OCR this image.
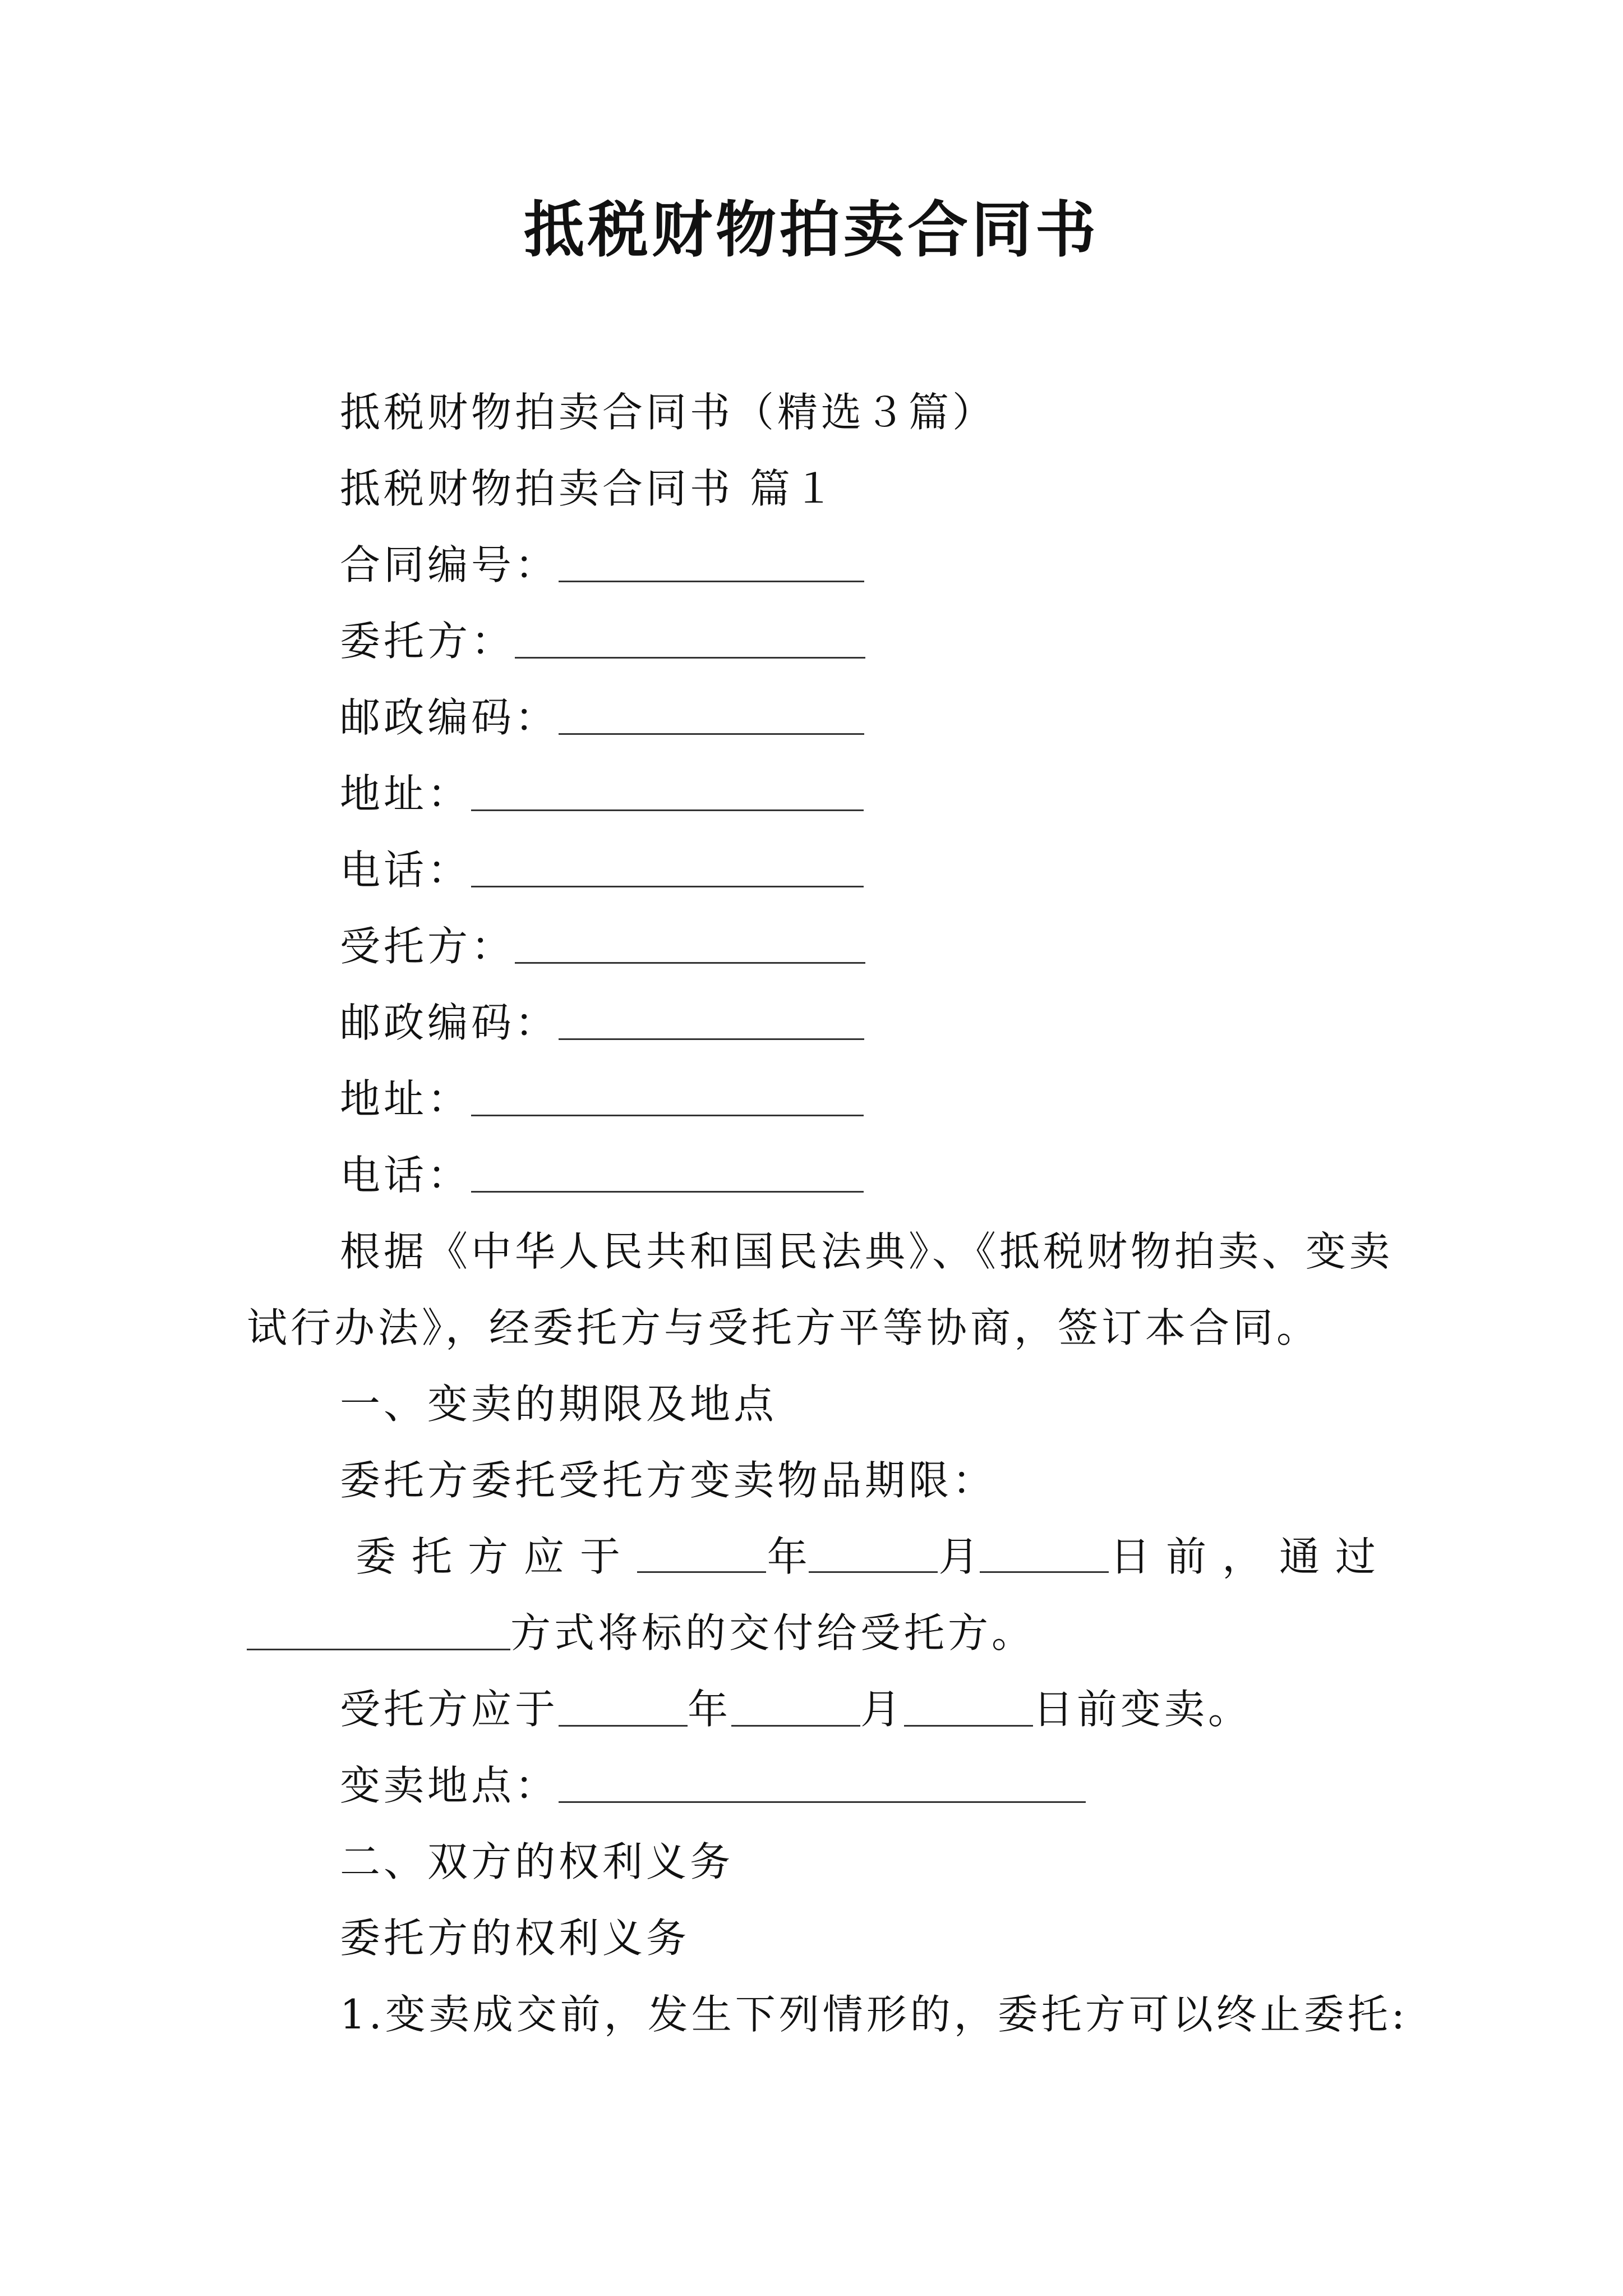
抵税财物拍卖合同书
抵税财物拍卖合同书（精选３篇）
抵税财物拍卖合同书 篇１
合同编号：
委托方：
邮政编码：
地址：
电话：
受托方：
邮政编码：
地址：
电话：
根据《中华人民共和国民法典》、《抵税财物拍卖、变卖
试行办法》，经委托方与受托方平等协商，签订本合同。
一、变卖的期限及地点
委托方委托受托方变卖物品期限：
委托方应于	年	月	日前， 通过
方式将标的交付给受托方。
受托方应于	年	月	日前变卖。
变卖地点：
二、双方的权利义务
委托方的权利义务
1.变卖成交前，发生下列情形的，委托方可以终止委托:
